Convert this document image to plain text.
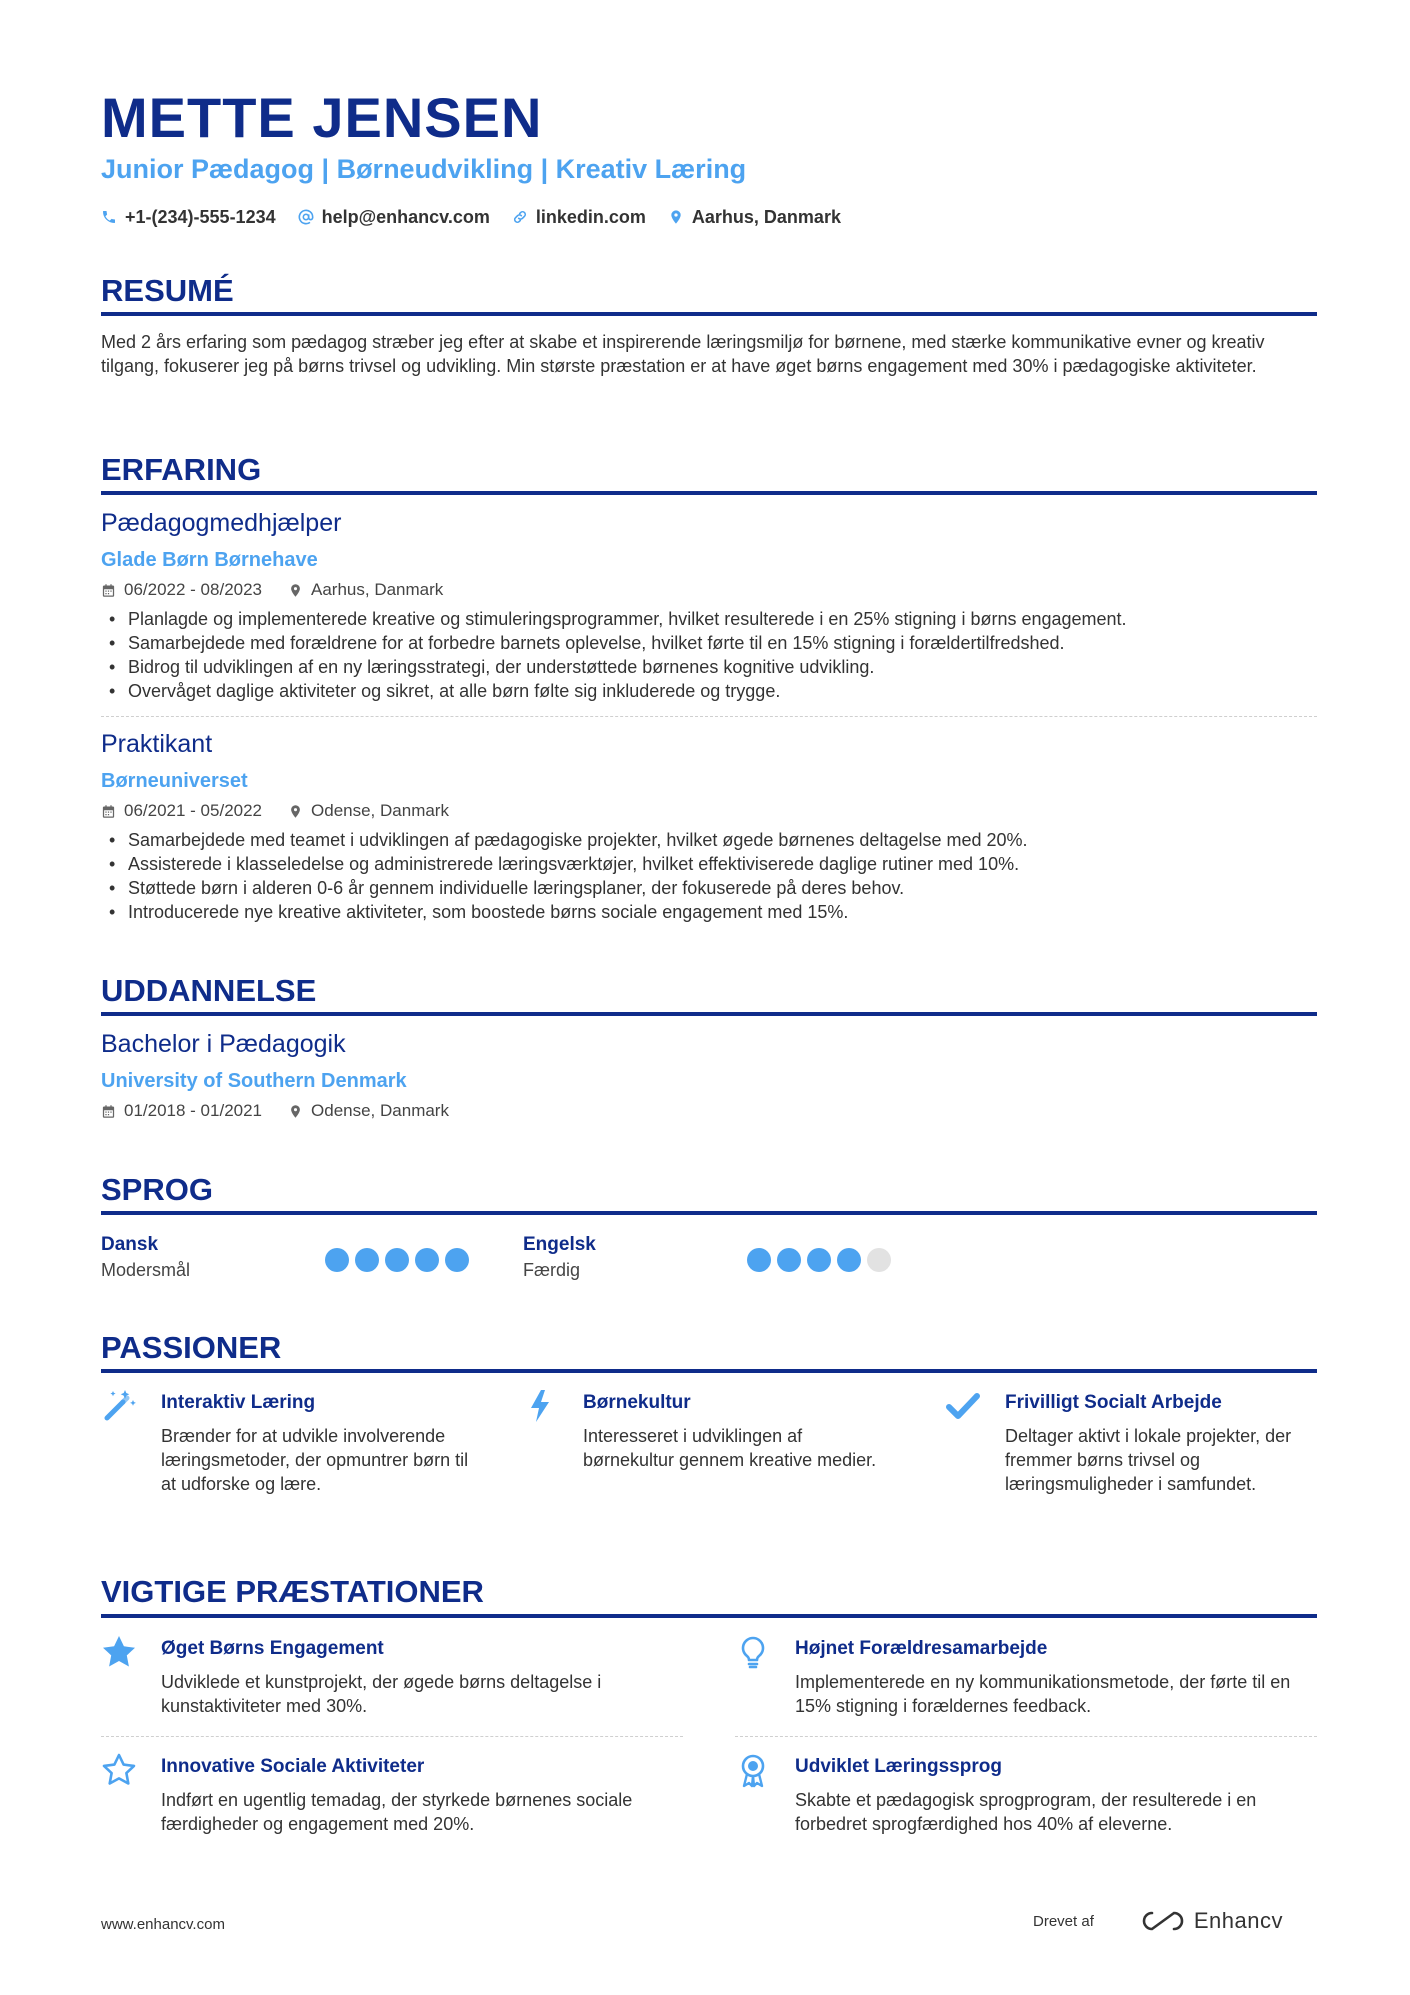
METTE JENSEN
Junior Pædagog | Børneudvikling | Kreativ Læring
+1-(234)-555-1234	help@enhancv.com	linkedin.com	Aarhus, Danmark
RESUMÉ
Med 2 års erfaring som pædagog stræber jeg efter at skabe et inspirerende læringsmiljø for børnene, med stærke kommunikative evner og kreativ tilgang, fokuserer jeg på børns trivsel og udvikling. Min største præstation er at have øget børns engagement med 30% i pædagogiske aktiviteter.
ERFARING
Pædagogmedhjælper
Glade Børn Børnehave
06/2022 - 08/2023	Aarhus, Danmark
• Planlagde og implementerede kreative og stimuleringsprogrammer, hvilket resulterede i en 25% stigning i børns engagement.
• Samarbejdede med forældrene for at forbedre barnets oplevelse, hvilket førte til en 15% stigning i forældertilfredshed.
• Bidrog til udviklingen af en ny læringsstrategi, der understøttede børnenes kognitive udvikling.
• Overvåget daglige aktiviteter og sikret, at alle børn følte sig inkluderede og trygge.
Praktikant
Børneuniverset
06/2021 - 05/2022	Odense, Danmark
• Samarbejdede med teamet i udviklingen af pædagogiske projekter, hvilket øgede børnenes deltagelse med 20%.
• Assisterede i klasseledelse og administrerede læringsværktøjer, hvilket effektiviserede daglige rutiner med 10%.
• Støttede børn i alderen 0-6 år gennem individuelle læringsplaner, der fokuserede på deres behov.
• Introducerede nye kreative aktiviteter, som boostede børns sociale engagement med 15%.
UDDANNELSE
Bachelor i Pædagogik
University of Southern Denmark
01/2018 - 01/2021	Odense, Danmark
SPROG
Dansk
Modersmål
Engelsk
Færdig
PASSIONER
Interaktiv Læring
Brænder for at udvikle involverende læringsmetoder, der opmuntrer børn til at udforske og lære.
Børnekultur
Interesseret i udviklingen af børnekultur gennem kreative medier.
Frivilligt Socialt Arbejde
Deltager aktivt i lokale projekter, der fremmer børns trivsel og læringsmuligheder i samfundet.
VIGTIGE PRÆSTATIONER
Øget Børns Engagement
Udviklede et kunstprojekt, der øgede børns deltagelse i kunstaktiviteter med 30%.
Højnet Forældresamarbejde
Implementerede en ny kommunikationsmetode, der førte til en 15% stigning i forældernes feedback.
Innovative Sociale Aktiviteter
Indført en ugentlig temadag, der styrkede børnenes sociale færdigheder og engagement med 20%.
Udviklet Læringssprog
Skabte et pædagogisk sprogprogram, der resulterede i en forbedret sprogfærdighed hos 40% af eleverne.
www.enhancv.com	Drevet af	Enhancv
